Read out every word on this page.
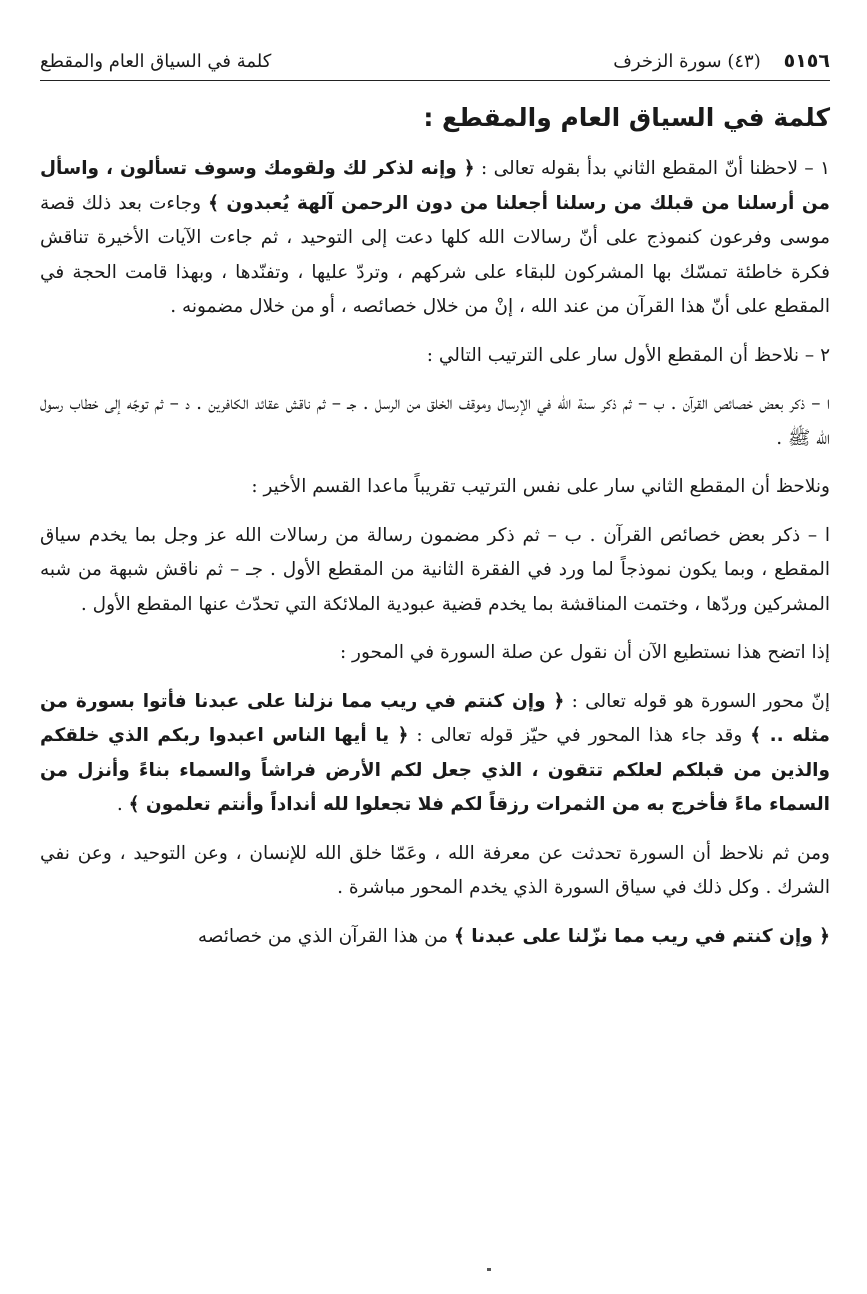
٥١٥٦    (٤٣) سورة الزخرف
كلمة في السياق العام والمقطع
كلمة في السياق العام والمقطع :

١ – لاحظنا أنّ المقطع الثاني بدأ بقوله تعالى : ﴿ وإنه لذكر لك ولقومك وسوف تسألون ، واسأل من أرسلنا من قبلك من رسلنا أجعلنا من دون الرحمن آلهة يُعبدون ﴾ وجاءت بعد ذلك قصة موسى وفرعون كنموذج على أنّ رسالات الله كلها دعت إلى التوحيد ، ثم جاءت الآيات الأخيرة تناقش فكرة خاطئة تمسّك بها المشركون للبقاء على شركهم ، وتردّ عليها ، وتفنّدها ، وبهذا قامت الحجة في المقطع على أنّ هذا القرآن من عند الله ، إنْ من خلال خصائصه ، أو من خلال مضمونه .

٢ – نلاحظ أن المقطع الأول سار على الترتيب التالي :

ا – ذكر بعض خصائص القرآن . ب – ثم ذكر سنة الله في الإرسال وموقف الخلق من الرسل . جـ – ثم ناقش عقائد الكافرين . د – ثم توجّه إلى خطاب رسول الله ﷺ .

ونلاحظ أن المقطع الثاني سار على نفس الترتيب تقريباً ماعدا القسم الأخير :

ا – ذكر بعض خصائص القرآن . ب – ثم ذكر مضمون رسالة من رسالات الله عز وجل بما يخدم سياق المقطع ، وبما يكون نموذجاً لما ورد في الفقرة الثانية من المقطع الأول . جـ – ثم ناقش شبهة من شبه المشركين وردّها ، وختمت المناقشة بما يخدم قضية عبودية الملائكة التي تحدّث عنها المقطع الأول .

إذا اتضح هذا نستطيع الآن أن نقول عن صلة السورة في المحور :

إنّ محور السورة هو قوله تعالى : ﴿ وإن كنتم في ريب مما نزلنا على عبدنا فأتوا بسورة من مثله .. ﴾ وقد جاء هذا المحور في حيّز قوله تعالى : ﴿ يا أيها الناس اعبدوا ربكم الذي خلقكم والذين من قبلكم لعلكم تتقون ، الذي جعل لكم الأرض فراشاً والسماء بناءً وأنزل من السماء ماءً فأخرج به من الثمرات رزقاً لكم فلا تجعلوا لله أنداداً وأنتم تعلمون ﴾ .

ومن ثم نلاحظ أن السورة تحدثت عن معرفة الله ، وعَمّا خلق الله للإنسان ، وعن التوحيد ، وعن نفي الشرك . وكل ذلك في سياق السورة الذي يخدم المحور مباشرة .

﴿ وإن كنتم في ريب مما نزّلنا على عبدنا ﴾ من هذا القرآن الذي من خصائصه
